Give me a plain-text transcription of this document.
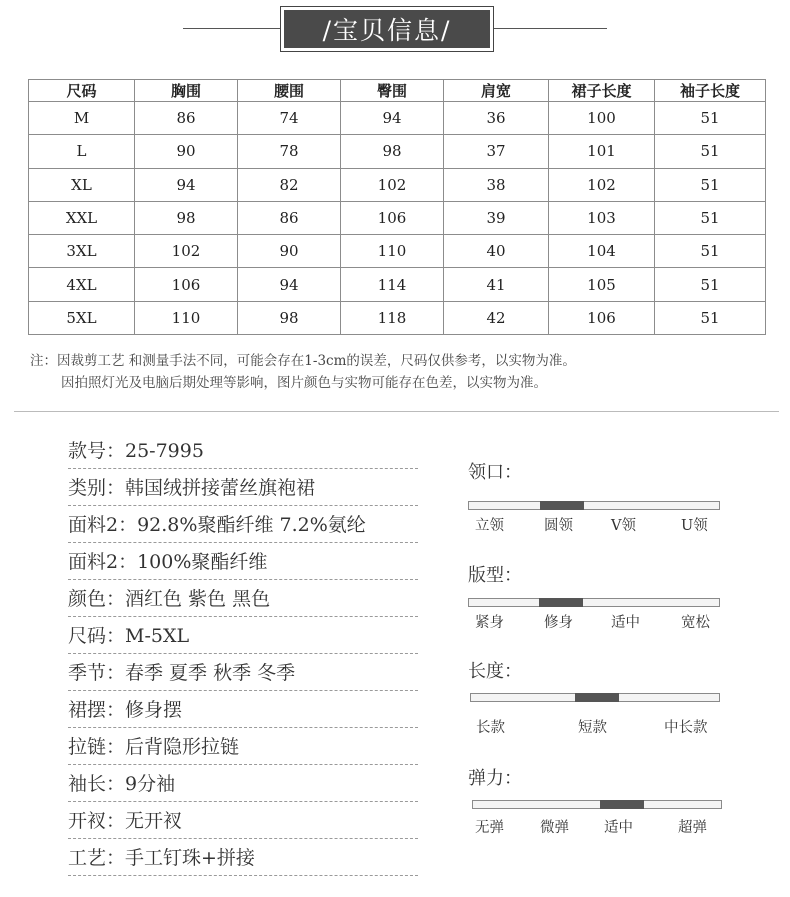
/宝贝信息/
尺码	胸围	腰围	臀围	肩宽	裙子长度	袖子长度
M	86	74	94	36	100	51
L	90	78	98	37	101	51
XL	94	82	102	38	102	51
XXL	98	86	106	39	103	51
3XL	102	90	110	40	104	51
4XL	106	94	114	41	105	51
5XL	110	98	118	42	106	51
注：因裁剪工艺 和测量手法不同，可能会存在1-3cm的误差，尺码仅供参考，以实物为准。
因拍照灯光及电脑后期处理等影响，图片颜色与实物可能存在色差，以实物为准。
款号：25-7995
类别：韩国绒拼接蕾丝旗袍裙
面料2：92.8%聚酯纤维 7.2%氨纶
面料2：100%聚酯纤维
颜色：酒红色 紫色 黑色
尺码：M-5XL
季节：春季 夏季 秋季 冬季
裙摆：修身摆
拉链：后背隐形拉链
袖长：9分袖
开衩：无开衩
工艺：手工钉珠+拼接
领口：
立领	圆领	V领	U领
版型：
紧身	修身	适中	宽松
长度：
长款	短款	中长款
弹力：
无弹 微弹 适中	超弹
